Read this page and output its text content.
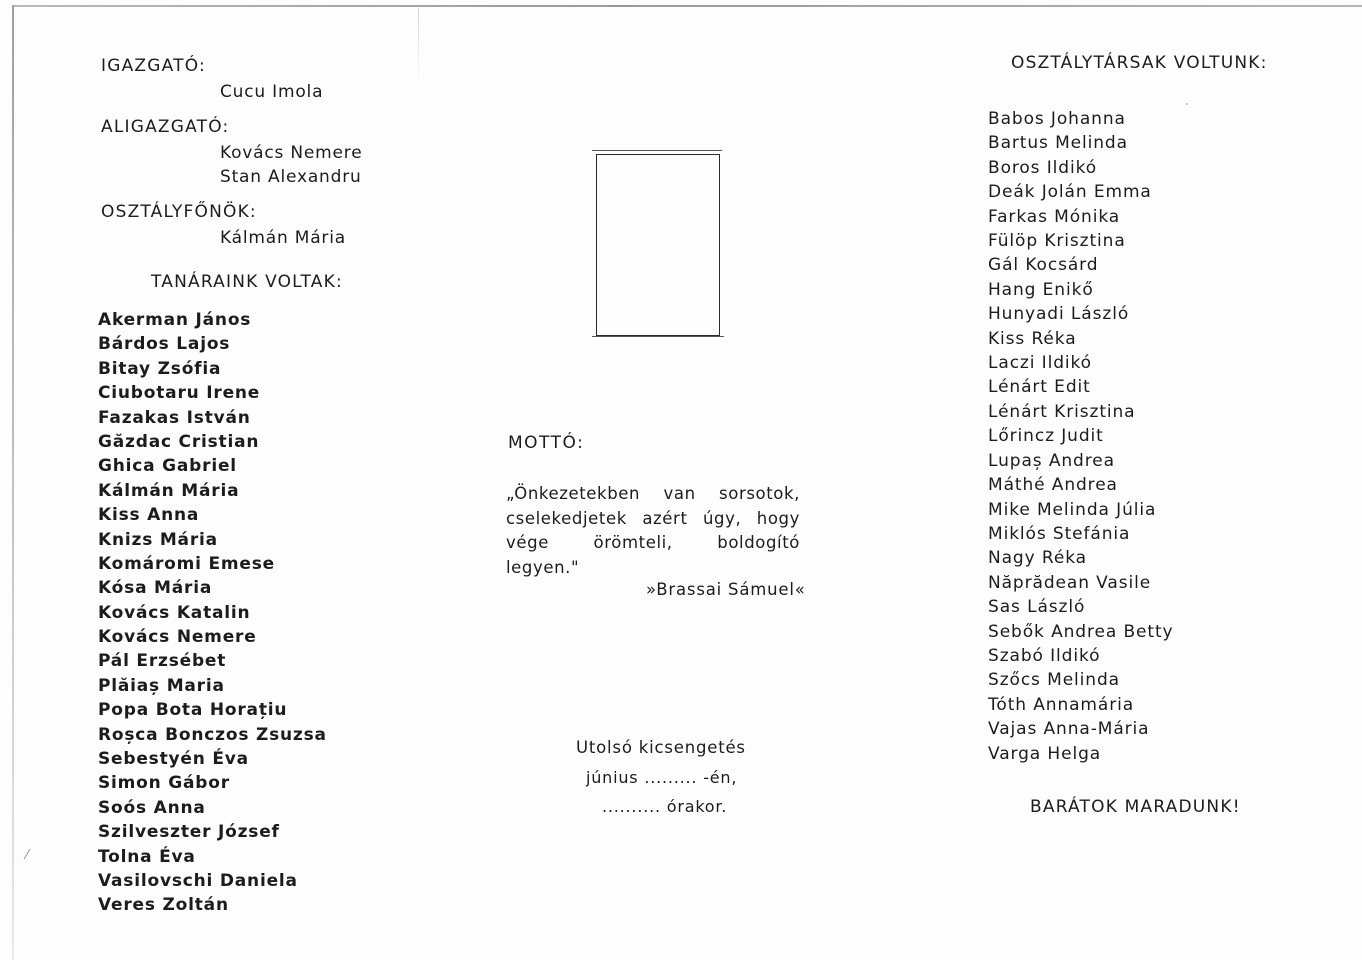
IGAZGATÓ:
Cucu Imola
ALIGAZGATÓ:
Kovács Nemere
Stan Alexandru
OSZTÁLYFŐNÖK:
Kálmán Mária
TANÁRAINK VOLTAK:
Akerman János
Bárdos Lajos
Bitay Zsófia
Ciubotaru Irene
Fazakas István
Găzdac Cristian
Ghica Gabriel
Kálmán Mária
Kiss Anna
Knizs Mária
Komáromi Emese
Kósa Mária
Kovács Katalin
Kovács Nemere
Pál Erzsébet
Plăiaș Maria
Popa Bota Horațiu
Roșca Bonczos Zsuzsa
Sebestyén Éva
Simon Gábor
Soós Anna
Szilveszter József
Tolna Éva
Vasilovschi Daniela
Veres Zoltán
⁄
MOTTÓ:
„Önkezetekben van sorsotok,
cselekedjetek azért úgy, hogy
vége örömteli, boldogító legyen."
»Brassai Sámuel«
Utolsó kicsengetés
június ......... -én,
.......... órakor.
OSZTÁLYTÁRSAK VOLTUNK:
Babos Johanna
Bartus Melinda
Boros Ildikó
Deák Jolán Emma
Farkas Mónika
Fülöp Krisztina
Gál Kocsárd
Hang Enikő
Hunyadi László
Kiss Réka
Laczi Ildikó
Lénárt Edit
Lénárt Krisztina
Lőrincz Judit
Lupaș Andrea
Máthé Andrea
Mike Melinda Júlia
Miklós Stefánia
Nagy Réka
Năprădean Vasile
Sas László
Sebők Andrea Betty
Szabó Ildikó
Szőcs Melinda
Tóth Annamária
Vajas Anna-Mária
Varga Helga
BARÁTOK MARADUNK!
